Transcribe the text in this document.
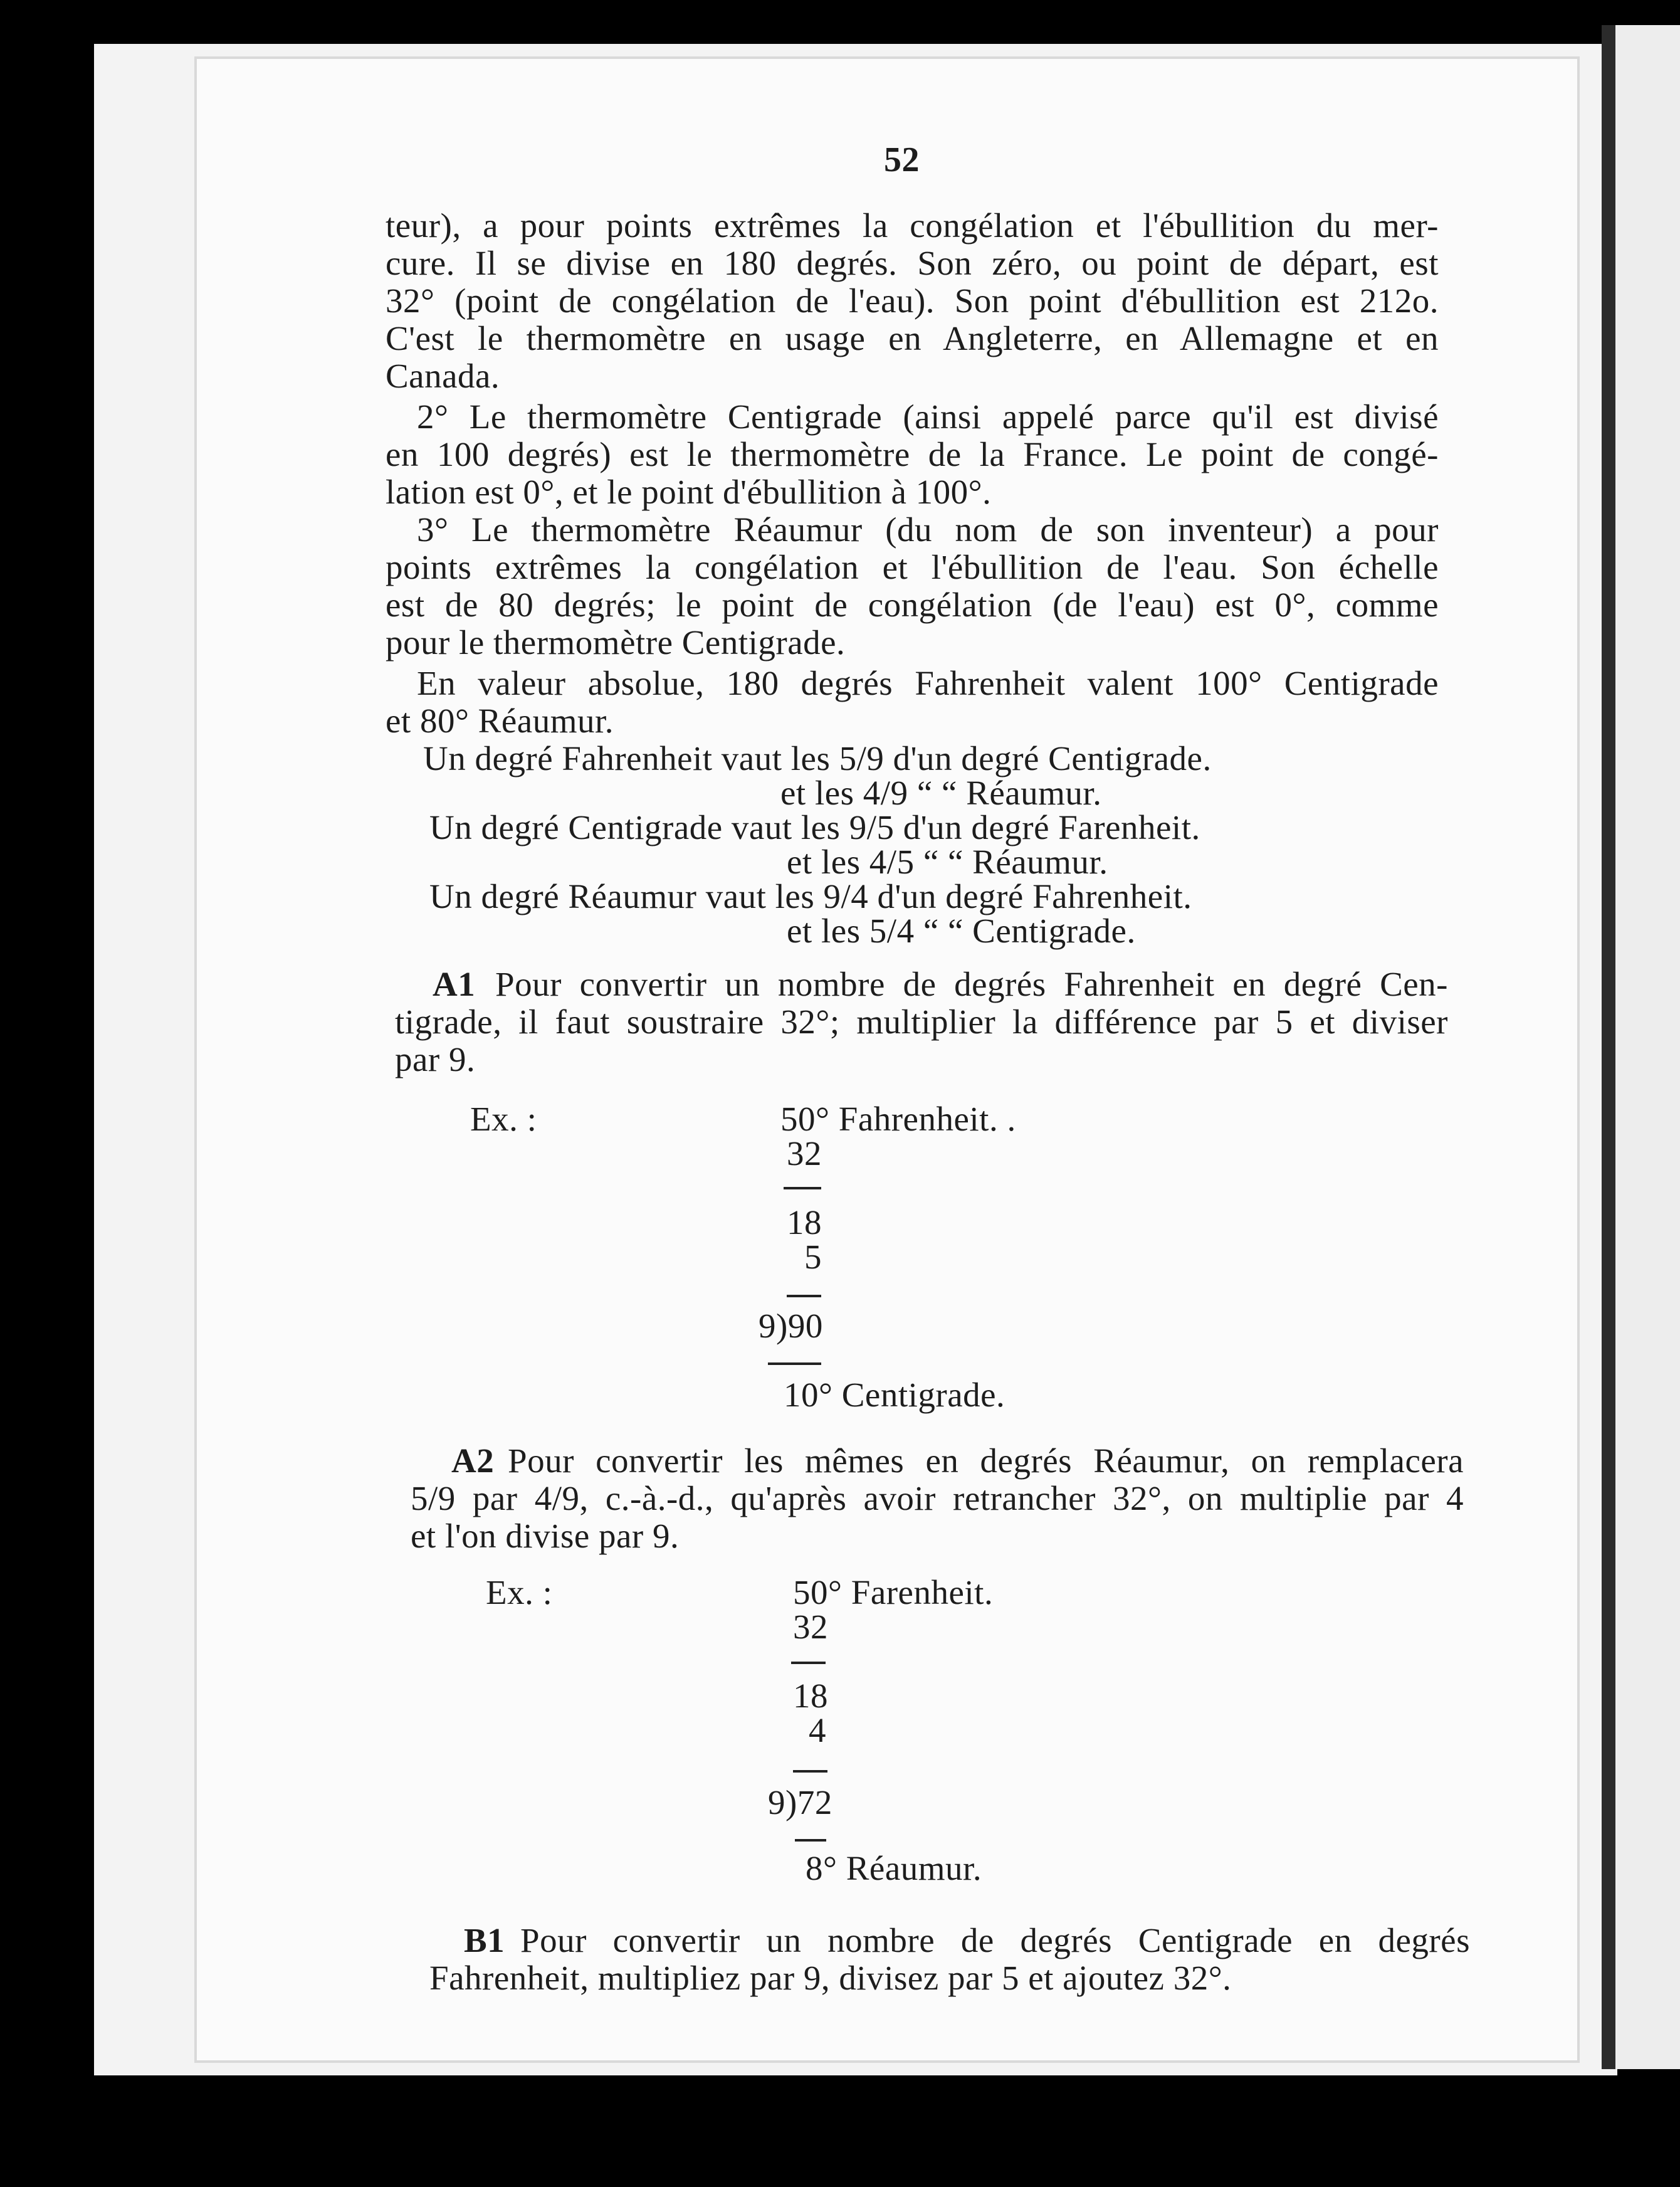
52
teur), a pour points extrêmes la congélation et l'ébullition du mer-
cure. Il se divise en 180 degrés. Son zéro, ou point de départ, est
32° (point de congélation de l'eau). Son point d'ébullition est 212o.
C'est le thermomètre en usage en Angleterre, en Allemagne et en
Canada.
2° Le thermomètre Centigrade (ainsi appelé parce qu'il est divisé
en 100 degrés) est le thermomètre de la France. Le point de congé-
lation est 0°, et le point d'ébullition à 100°.
3° Le thermomètre Réaumur (du nom de son inventeur) a pour
points extrêmes la congélation et l'ébullition de l'eau. Son échelle
est de 80 degrés; le point de congélation (de l'eau) est 0°, comme
pour le thermomètre Centigrade.
En valeur absolue, 180 degrés Fahrenheit valent 100° Centigrade
et 80° Réaumur.
Un degré Fahrenheit vaut les 5/9 d'un degré Centigrade.
et les 4/9 “ “ Réaumur.
Un degré Centigrade vaut les 9/5 d'un degré Farenheit.
et les 4/5 “ “ Réaumur.
Un degré Réaumur vaut les 9/4 d'un degré Fahrenheit.
et les 5/4 “ “ Centigrade.
A1 Pour convertir un nombre de degrés Fahrenheit en degré Cen-
tigrade, il faut soustraire 32°; multiplier la différence par 5 et diviser
par 9.
Ex. :	50° Fahrenheit. .
32
18
5
9)90
10° Centigrade.
A2 Pour convertir les mêmes en degrés Réaumur, on remplacera
5/9 par 4/9, c.-à.-d., qu'après avoir retrancher 32°, on multiplie par 4
et l'on divise par 9.
Ex. :	50° Farenheit.
32
18
4
9)72
8° Réaumur.
B1 Pour convertir un nombre de degrés Centigrade en degrés
Fahrenheit, multipliez par 9, divisez par 5 et ajoutez 32°.
